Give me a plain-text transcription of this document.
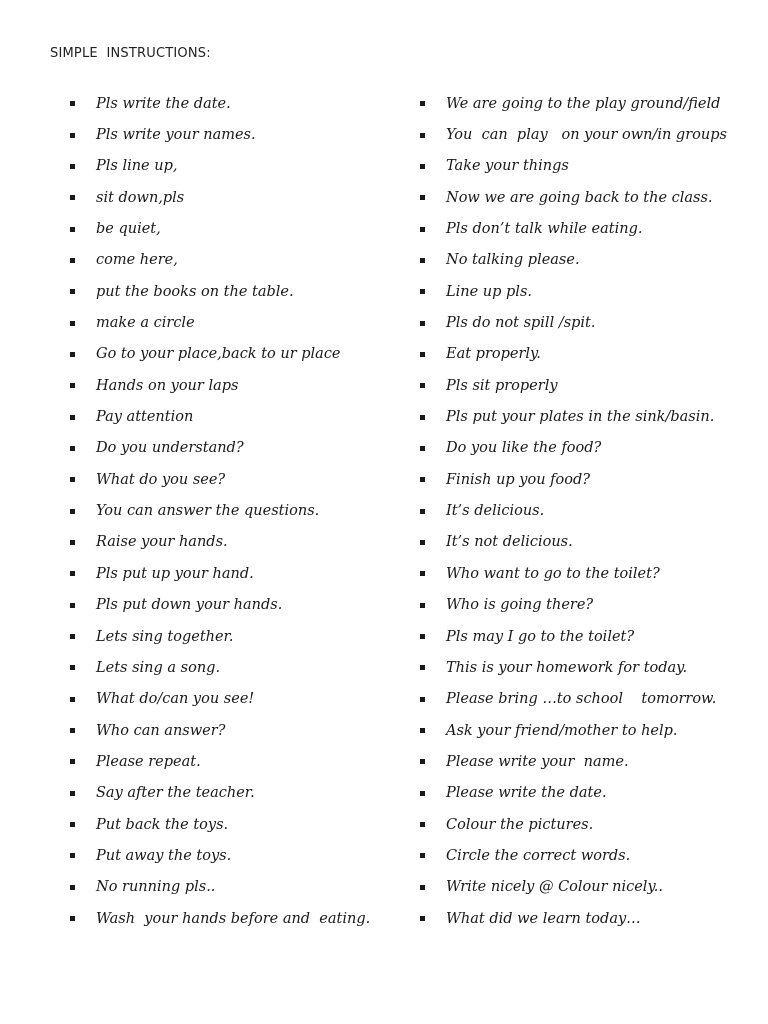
SIMPLE  INSTRUCTIONS:
Pls write the date.
Pls write your names.
Pls line up,
sit down,pls
be quiet,
come here,
put the books on the table.
make a circle
Go to your place,back to ur place
Hands on your laps
Pay attention
Do you understand?
What do you see?
You can answer the questions.
Raise your hands.
Pls put up your hand.
Pls put down your hands.
Lets sing together.
Lets sing a song.
What do/can you see!
Who can answer?
Please repeat.
Say after the teacher.
Put back the toys.
Put away the toys.
No running pls..
Wash  your hands before and  eating.
We are going to the play ground/field
You  can  play   on your own/in groups
Take your things
Now we are going back to the class.
Pls don’t talk while eating.
No talking please.
Line up pls.
Pls do not spill /spit.
Eat properly.
Pls sit properly
Pls put your plates in the sink/basin.
Do you like the food?
Finish up you food?
It’s delicious.
It’s not delicious.
Who want to go to the toilet?
Who is going there?
Pls may I go to the toilet?
This is your homework for today.
Please bring …to school    tomorrow.
Ask your friend/mother to help.
Please write your  name.
Please write the date.
Colour the pictures.
Circle the correct words.
Write nicely @ Colour nicely..
What did we learn today…
